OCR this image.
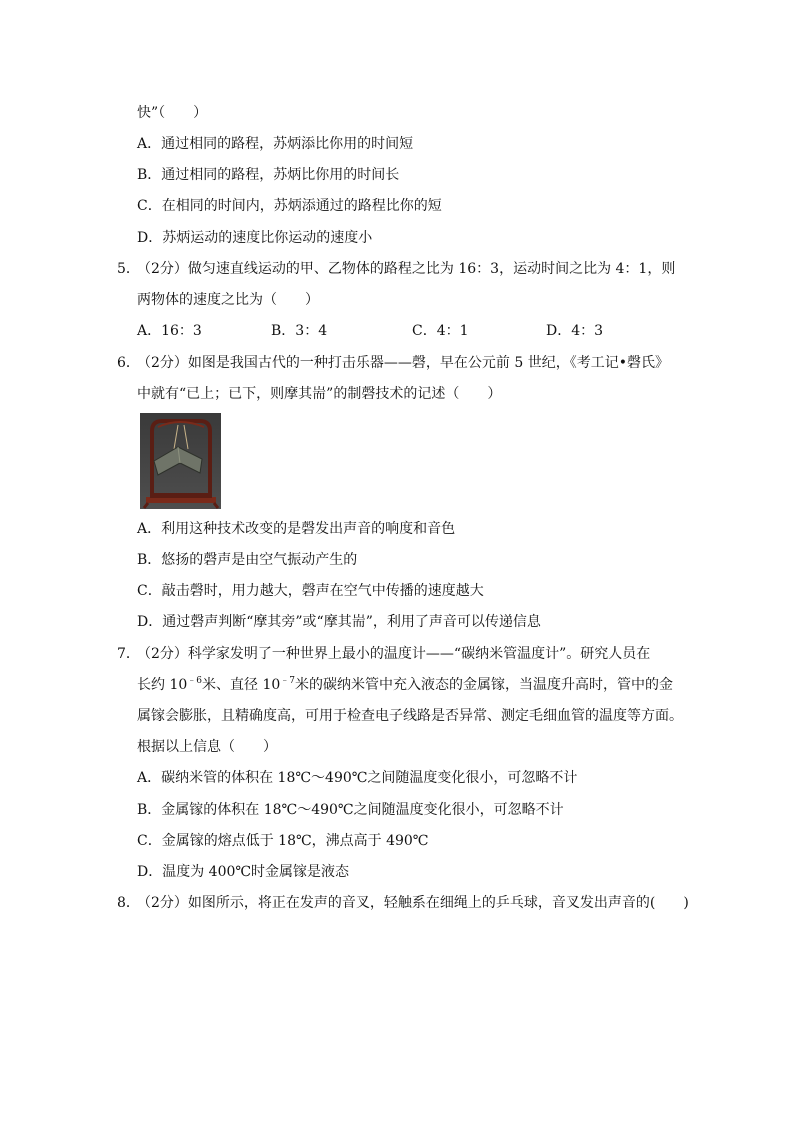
快”（　　）
A．通过相同的路程，苏炳添比你用的时间短
B．通过相同的路程，苏炳比你用的时间长
C．在相同的时间内，苏炳添通过的路程比你的短
D．苏炳运动的速度比你运动的速度小
5．
（2分）做匀速直线运动的甲、乙物体的路程之比为 16：3，运动时间之比为 4：1，则
两物体的速度之比为（　　）
A．16：3	B．3：4	C．4：1	D．4：3
6．
（2分）如图是我国古代的一种打击乐器——磬，早在公元前 5 世纪，《考工记•磬氏》
中就有“已上；已下，则摩其耑”的制磬技术的记述（　　）
A．利用这种技术改变的是磬发出声音的响度和音色
B．悠扬的磬声是由空气振动产生的
C．敲击磬时，用力越大，磬声在空气中传播的速度越大
D．通过磬声判断“摩其旁”或“摩其耑”，利用了声音可以传递信息
7．
（2分）科学家发明了一种世界上最小的温度计——“碳纳米管温度计”。研究人员在
长约 $10^{﹣6}$米、直径 $10^{﹣7}$米的碳纳米管中充入液态的金属镓，当温度升高时，管中的金
属镓会膨胀，且精确度高，可用于检查电子线路是否异常、测定毛细血管的温度等方面。
根据以上信息（　　）
A．碳纳米管的体积在 18℃～490℃之间随温度变化很小，可忽略不计
B．金属镓的体积在 18℃～490℃之间随温度变化很小，可忽略不计
C．金属镓的熔点低于 18℃，沸点高于 490℃
D．温度为 400℃时金属镓是液态
8．
（2分）如图所示，将正在发声的音叉，轻触系在细绳上的乒乓球，音叉发出声音的(　　)
